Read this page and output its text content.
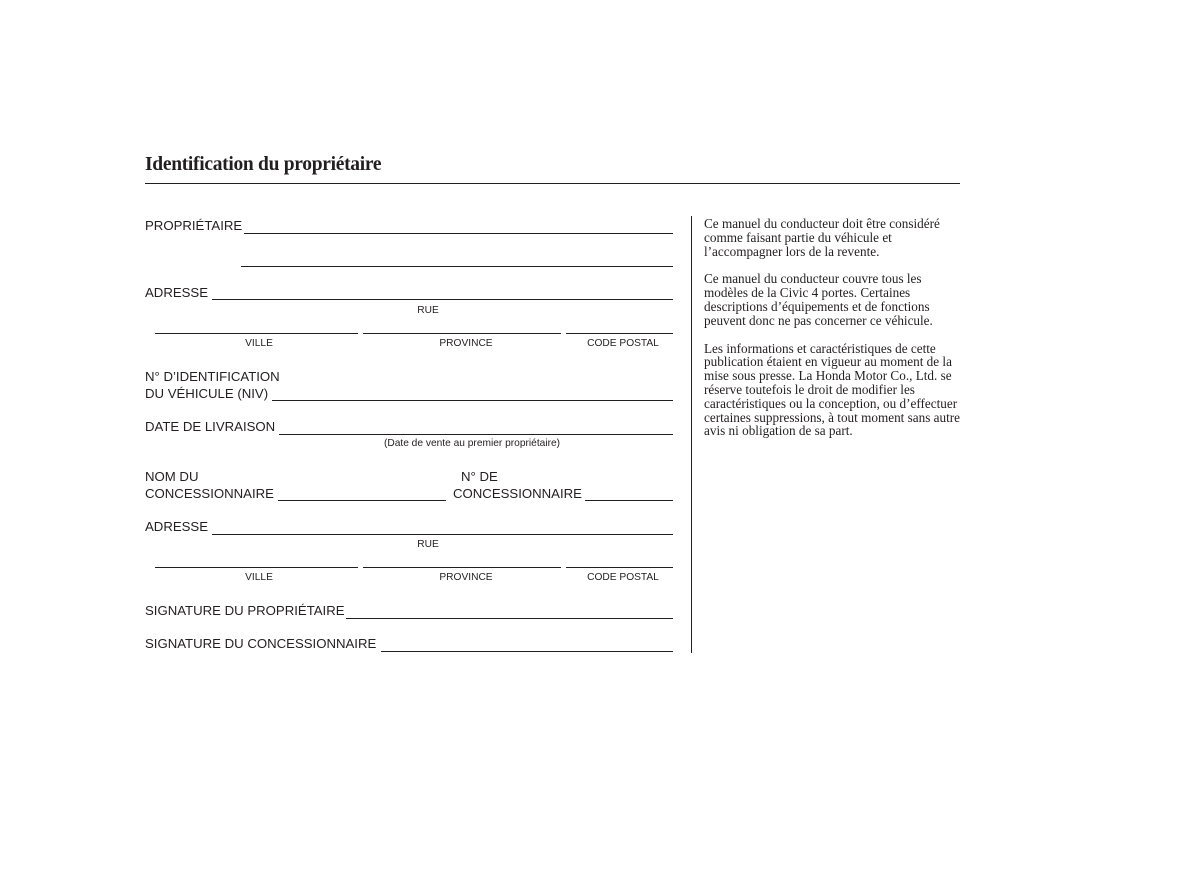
Identification du propriétaire
PROPRIÉTAIRE
ADRESSE
RUE
VILLE	PROVINCE	CODE POSTAL
N° D’IDENTIFICATION
DU VÉHICULE (NIV)
DATE DE LIVRAISON
(Date de vente au premier propriétaire)
NOM DU
CONCESSIONNAIRE
N° DE
CONCESSIONNAIRE
ADRESSE
RUE
VILLE	PROVINCE	CODE POSTAL
SIGNATURE DU PROPRIÉTAIRE
SIGNATURE DU CONCESSIONNAIRE

Ce manuel du conducteur doit être considéré comme faisant partie du véhicule et l’accompagner lors de la revente.

Ce manuel du conducteur couvre tous les modèles de la Civic 4 portes. Certaines descriptions d’équipements et de fonctions peuvent donc ne pas concerner ce véhicule.

Les informations et caractéristiques de cette publication étaient en vigueur au moment de la mise sous presse. La Honda Motor Co., Ltd. se réserve toutefois le droit de modifier les caractéristiques ou la conception, ou d’effectuer certaines suppressions, à tout moment sans autre avis ni obligation de sa part.
